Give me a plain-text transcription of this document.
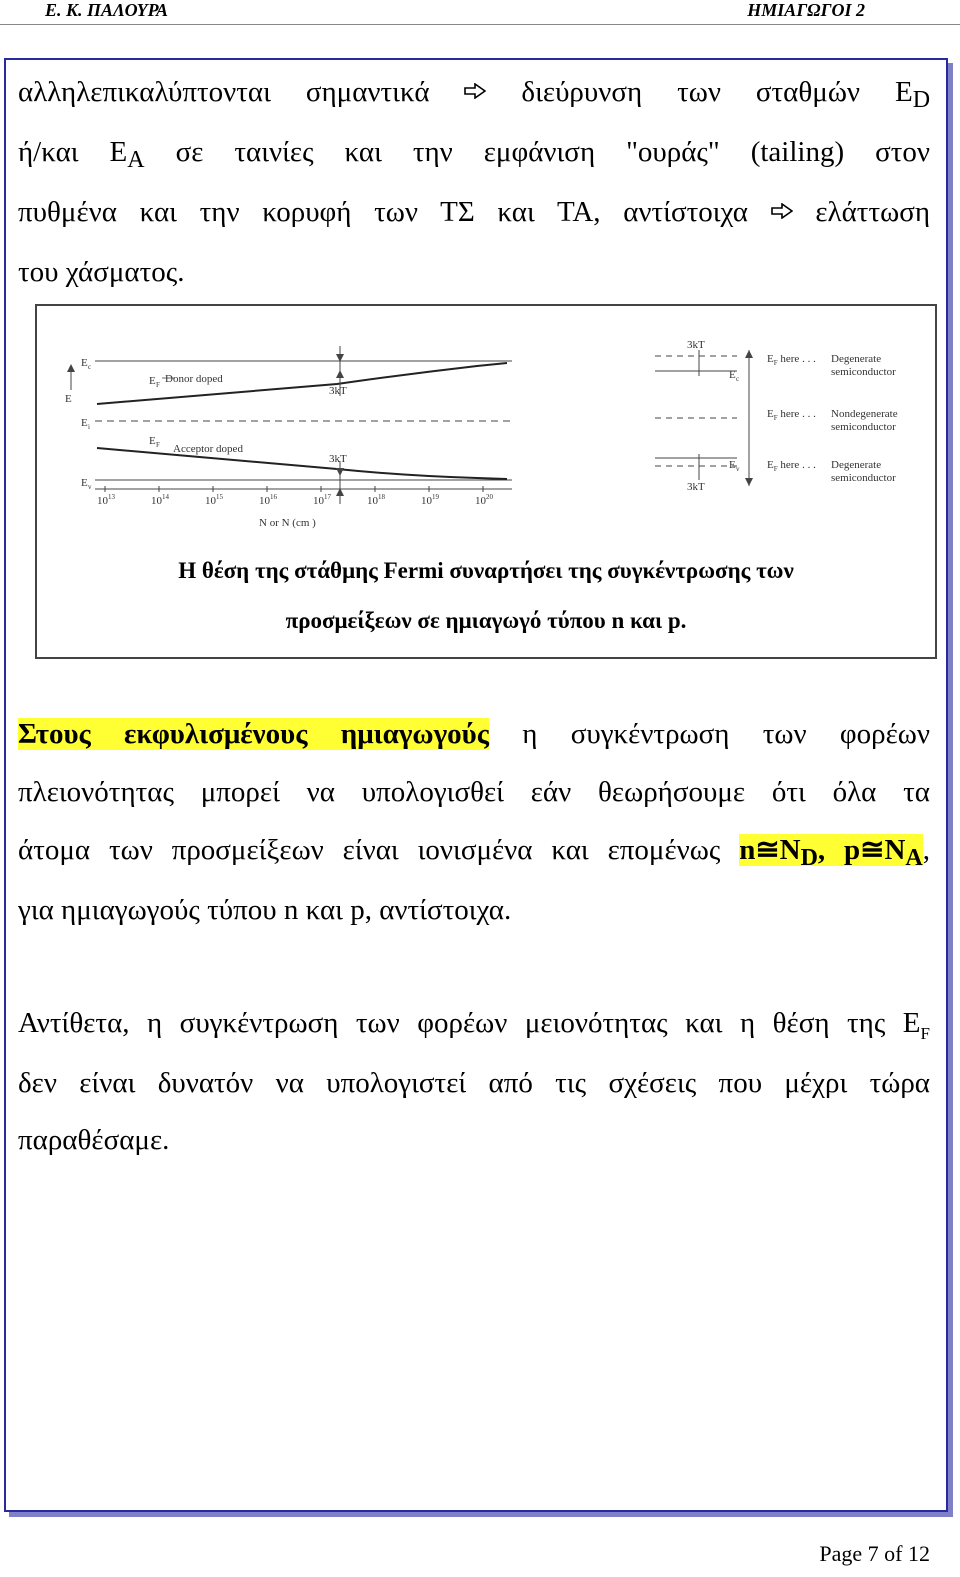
Ε. Κ. ΠΑΛΟΥΡΑ	ΗΜΙΑΓΩΓΟΙ 2
αλληλεπικαλύπτονται σημαντικά	διεύρυνση των σταθμών $E_D$
ή/και $E_A$ σε ταινίες και την εμφάνιση "ουράς" (tailing) στον
πυθμένα και την κορυφή των ΤΣ και ΤΑ, αντίστοιχα ελάττωση
του χάσματος.
E c
E
E i
E v
E F Donor doped
E F Acceptor doped
3kT
3kT
$10^{13}$	$10^{14}$	$10^{15}$	$10^{16}$	$10^{17}$	$10^{18}$	$10^{19}$	$10^{20}$
N or N (cm )
3kT
3kT
E c
E v
$E_F$ here . . . Degenerate
semiconductor
$E_F$ here . . . Nondegenerate
semiconductor
$E_F$ here . . . Degenerate
semiconductor
Η θέση της στάθμης Fermi συναρτήσει της συγκέντρωσης των
προσμείξεων σε ημιαγωγό τύπου n και p.
Στους εκφυλισμένους ημιαγωγούς η συγκέντρωση των φορέων
πλειονότητας μπορεί να υπολογισθεί εάν θεωρήσουμε ότι όλα τα
άτομα των προσμείξεων είναι ιονισμένα και επομένως $n≅N_D$, $p≅N_A$,
για ημιαγωγούς τύπου n και p, αντίστοιχα.
Αντίθετα, η συγκέντρωση των φορέων μειονότητας και η θέση της $E_F$
δεν είναι δυνατόν να υπολογιστεί από τις σχέσεις που μέχρι τώρα
παραθέσαμε.
Page 7 of 12
